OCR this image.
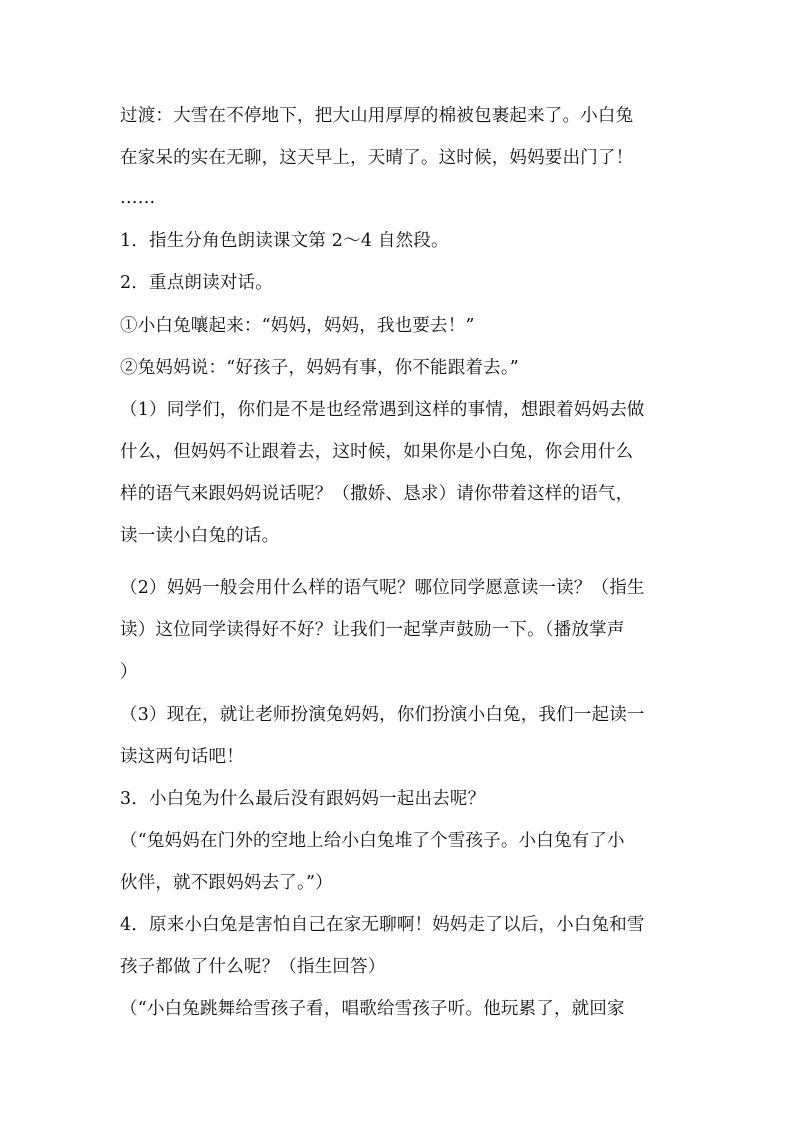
过渡：大雪在不停地下，把大山用厚厚的棉被包裹起来了。小白兔
在家呆的实在无聊，这天早上，天晴了。这时候，妈妈要出门了！
……
1．指生分角色朗读课文第 2～4 自然段。
2．重点朗读对话。
①小白兔嚷起来：“妈妈，妈妈，我也要去！”
②兔妈妈说：“好孩子，妈妈有事，你不能跟着去。”
（1）同学们，你们是不是也经常遇到这样的事情，想跟着妈妈去做
什么，但妈妈不让跟着去，这时候，如果你是小白兔，你会用什么
样的语气来跟妈妈说话呢？（撒娇、恳求）请你带着这样的语气，
读一读小白兔的话。
（2）妈妈一般会用什么样的语气呢？哪位同学愿意读一读？（指生
读）这位同学读得好不好？让我们一起掌声鼓励一下。（播放掌声
）
（3）现在，就让老师扮演兔妈妈，你们扮演小白兔，我们一起读一
读这两句话吧！
3．小白兔为什么最后没有跟妈妈一起出去呢？
（“兔妈妈在门外的空地上给小白兔堆了个雪孩子。小白兔有了小
伙伴，就不跟妈妈去了。”）
4．原来小白兔是害怕自己在家无聊啊！妈妈走了以后，小白兔和雪
孩子都做了什么呢？（指生回答）
（“小白兔跳舞给雪孩子看，唱歌给雪孩子听。他玩累了，就回家
